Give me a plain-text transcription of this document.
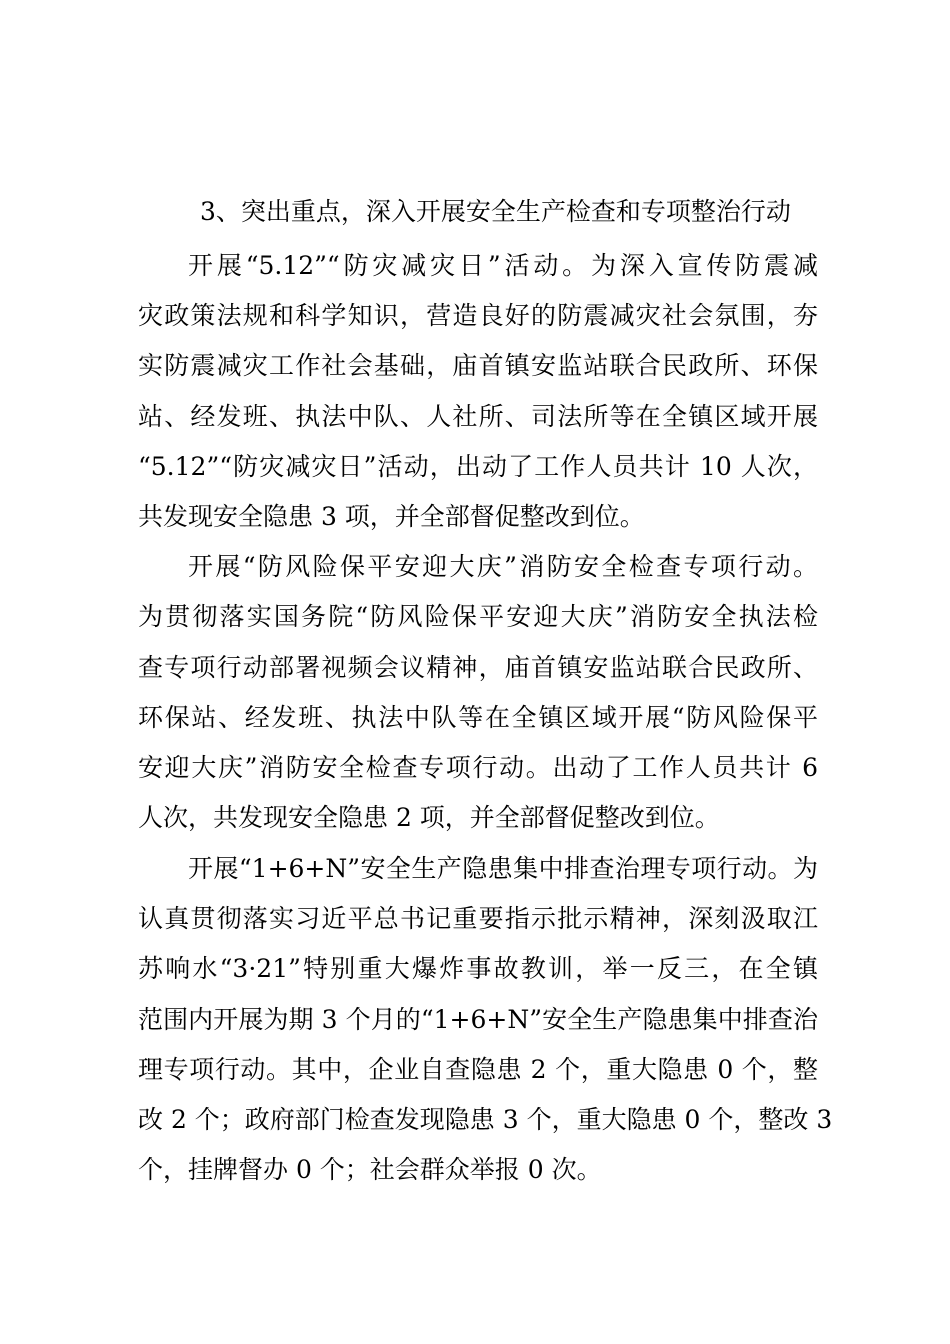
3、突出重点，深入开展安全生产检查和专项整治行动

开展“5.12”“防灾减灾日”活动。为深入宣传防震减

灾政策法规和科学知识，营造良好的防震减灾社会氛围，夯

实防震减灾工作社会基础，庙首镇安监站联合民政所、环保

站、经发班、执法中队、人社所、司法所等在全镇区域开展

“5.12”“防灾减灾日”活动，出动了工作人员共计 10 人次，

共发现安全隐患 3 项，并全部督促整改到位。

开展“防风险保平安迎大庆”消防安全检查专项行动。

为贯彻落实国务院“防风险保平安迎大庆”消防安全执法检

查专项行动部署视频会议精神，庙首镇安监站联合民政所、

环保站、经发班、执法中队等在全镇区域开展“防风险保平

安迎大庆”消防安全检查专项行动。出动了工作人员共计 6

人次，共发现安全隐患 2 项，并全部督促整改到位。

开展“1+6+N”安全生产隐患集中排查治理专项行动。为

认真贯彻落实习近平总书记重要指示批示精神，深刻汲取江

苏响水“3·21”特别重大爆炸事故教训，举一反三，在全镇

范围内开展为期 3 个月的“1+6+N”安全生产隐患集中排查治

理专项行动。其中，企业自查隐患 2 个，重大隐患 0 个，整

改 2 个；政府部门检查发现隐患 3 个，重大隐患 0 个，整改 3

个，挂牌督办 0 个；社会群众举报 0 次。
